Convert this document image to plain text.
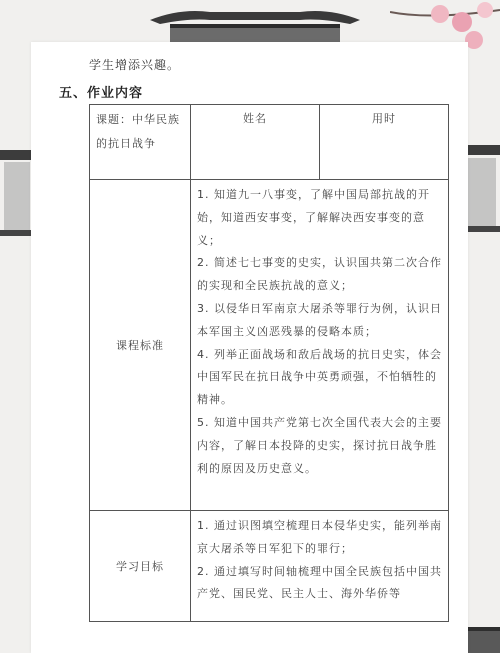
学生增添兴趣。
五、作业内容
课题：中华民族的抗日战争	姓名	用时

课程标准	1. 知道九一八事变，了解中国局部抗战的开始，知道西安事变，了解解决西安事变的意义；

2. 简述七七事变的史实，认识国共第二次合作的实现和全民族抗战的意义；

3. 以侵华日军南京大屠杀等罪行为例，认识日本军国主义凶恶残暴的侵略本质；

4. 列举正面战场和敌后战场的抗日史实，体会中国军民在抗日战争中英勇顽强，不怕牺牲的精神。

5. 知道中国共产党第七次全国代表大会的主要内容，了解日本投降的史实，探讨抗日战争胜利的原因及历史意义。	

学习目标	1. 通过识图填空梳理日本侵华史实，能列举南京大屠杀等日军犯下的罪行；

2. 通过填写时间轴梳理中国全民族包括中国共产党、国民党、民主人士、海外华侨等	
